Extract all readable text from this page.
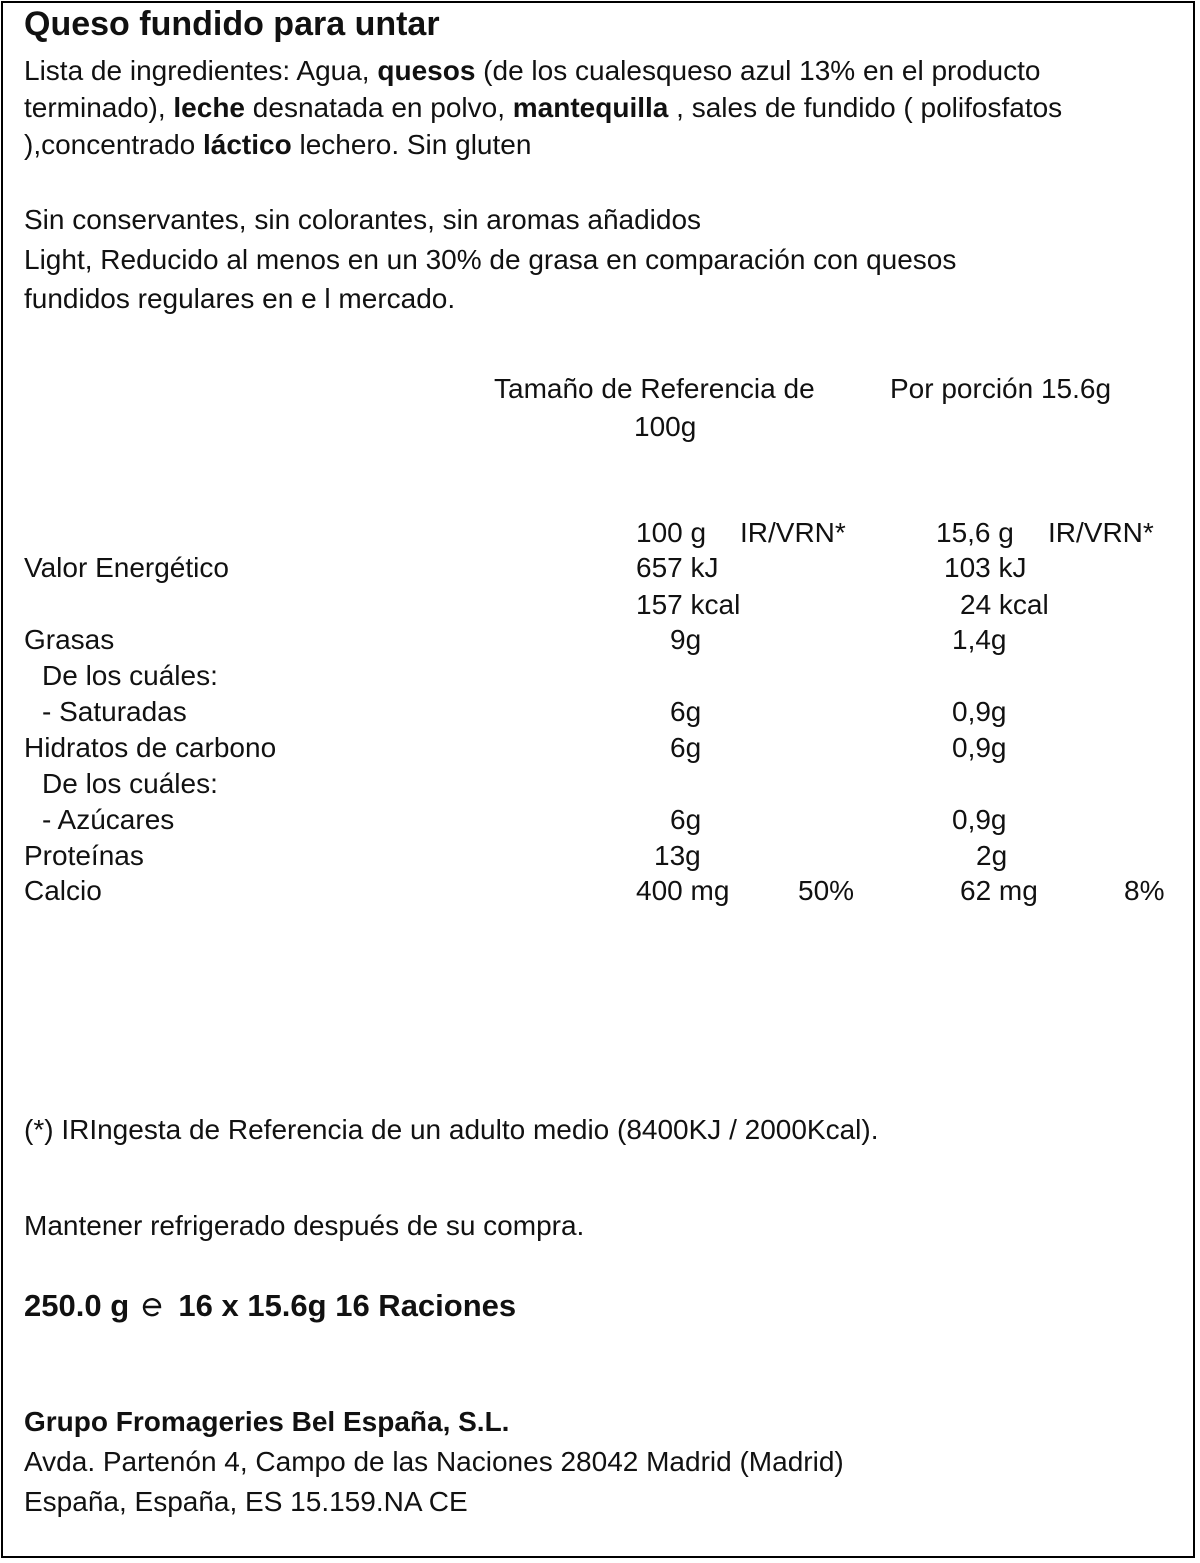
Queso fundido para untar
Lista de ingredientes: Agua, quesos (de los cualesqueso azul 13% en el producto terminado), leche desnatada en polvo, mantequilla , sales de fundido ( polifosfatos ),concentrado láctico lechero. Sin gluten
Sin conservantes, sin colorantes, sin aromas añadidos
Light, Reducido al menos en un 30% de grasa en comparación con quesos
fundidos regulares en e l mercado.
Tamaño de Referencia de
100g
Por porción 15.6g
100 g IR/VRN*	15,6 g IR/VRN*
Valor Energético	657 kJ	103 kJ
157 kcal	24 kcal
Grasas	9g	1,4g
De los cuáles:
- Saturadas	6g	0,9g
Hidratos de carbono	6g	0,9g
De los cuáles:
- Azúcares	6g	0,9g
Proteínas	13g	2g
Calcio	400 mg 50%	62 mg	8%
(*) IRIngesta de Referencia de un adulto medio (8400KJ / 2000Kcal).
Mantener refrigerado después de su compra.
250.0 g 16 x 15.6g 16 Raciones
Grupo Fromageries Bel España, S.L.
Avda. Partenón 4, Campo de las Naciones 28042 Madrid (Madrid)
España, España, ES 15.159.NA CE
